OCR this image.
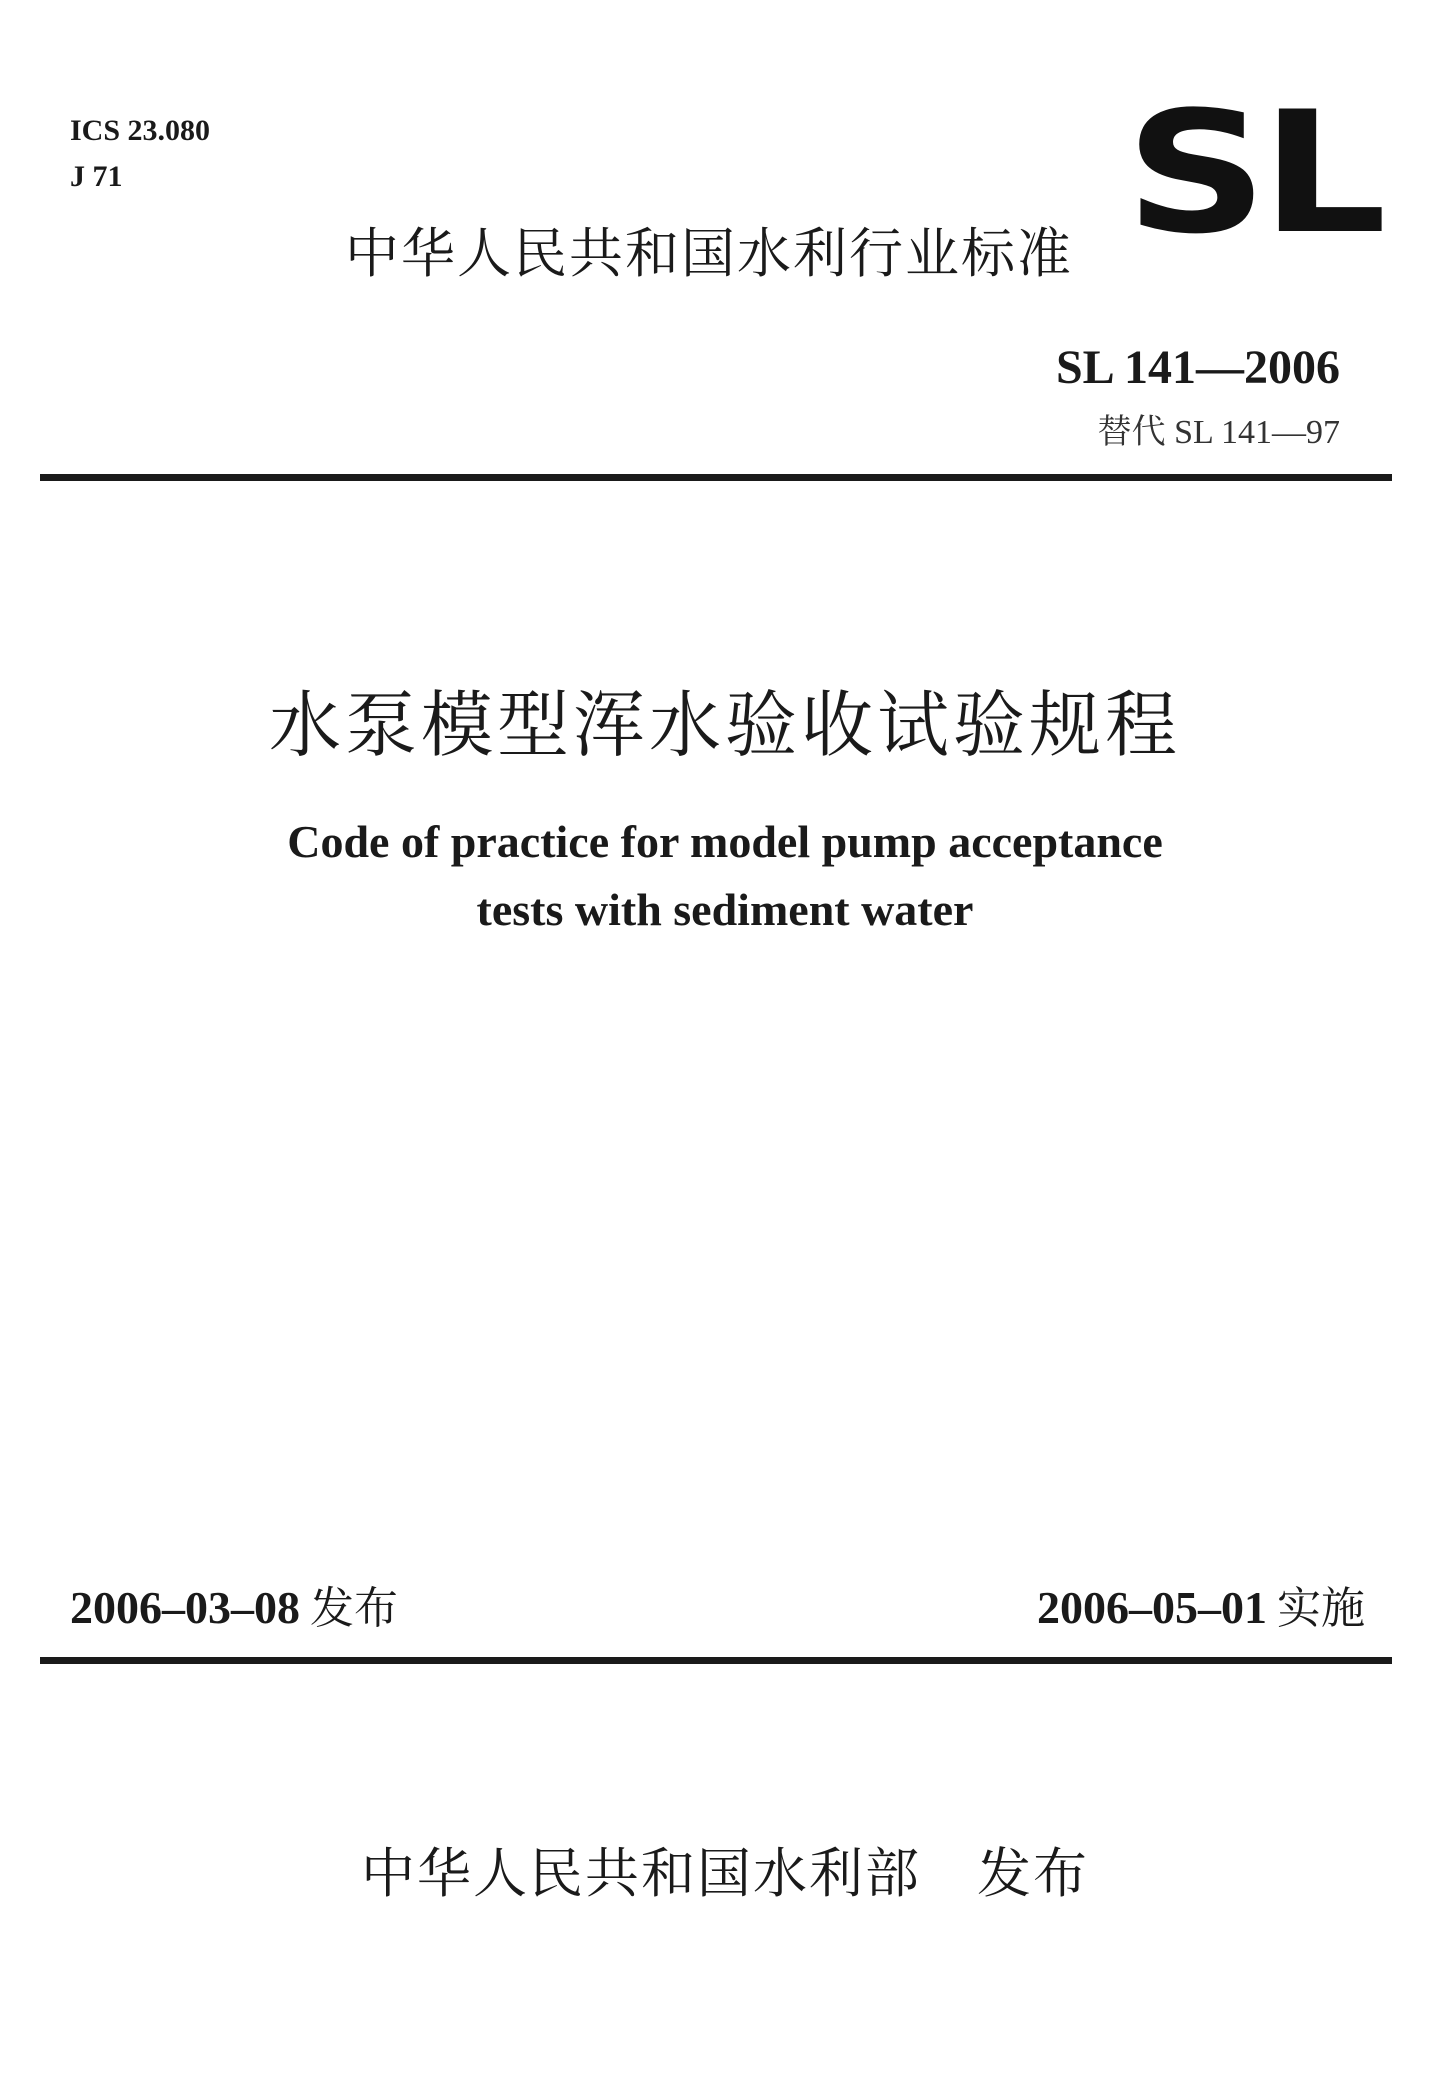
ICS 23.080
J 71	SL
中华人民共和国水利行业标准
SL 141—2006
替代 SL 141—97
水泵模型浑水验收试验规程
Code of practice for model pump acceptance
tests with sediment water
2006–03–08 发布	2006–05–01 实施
中华人民共和国水利部 发布
